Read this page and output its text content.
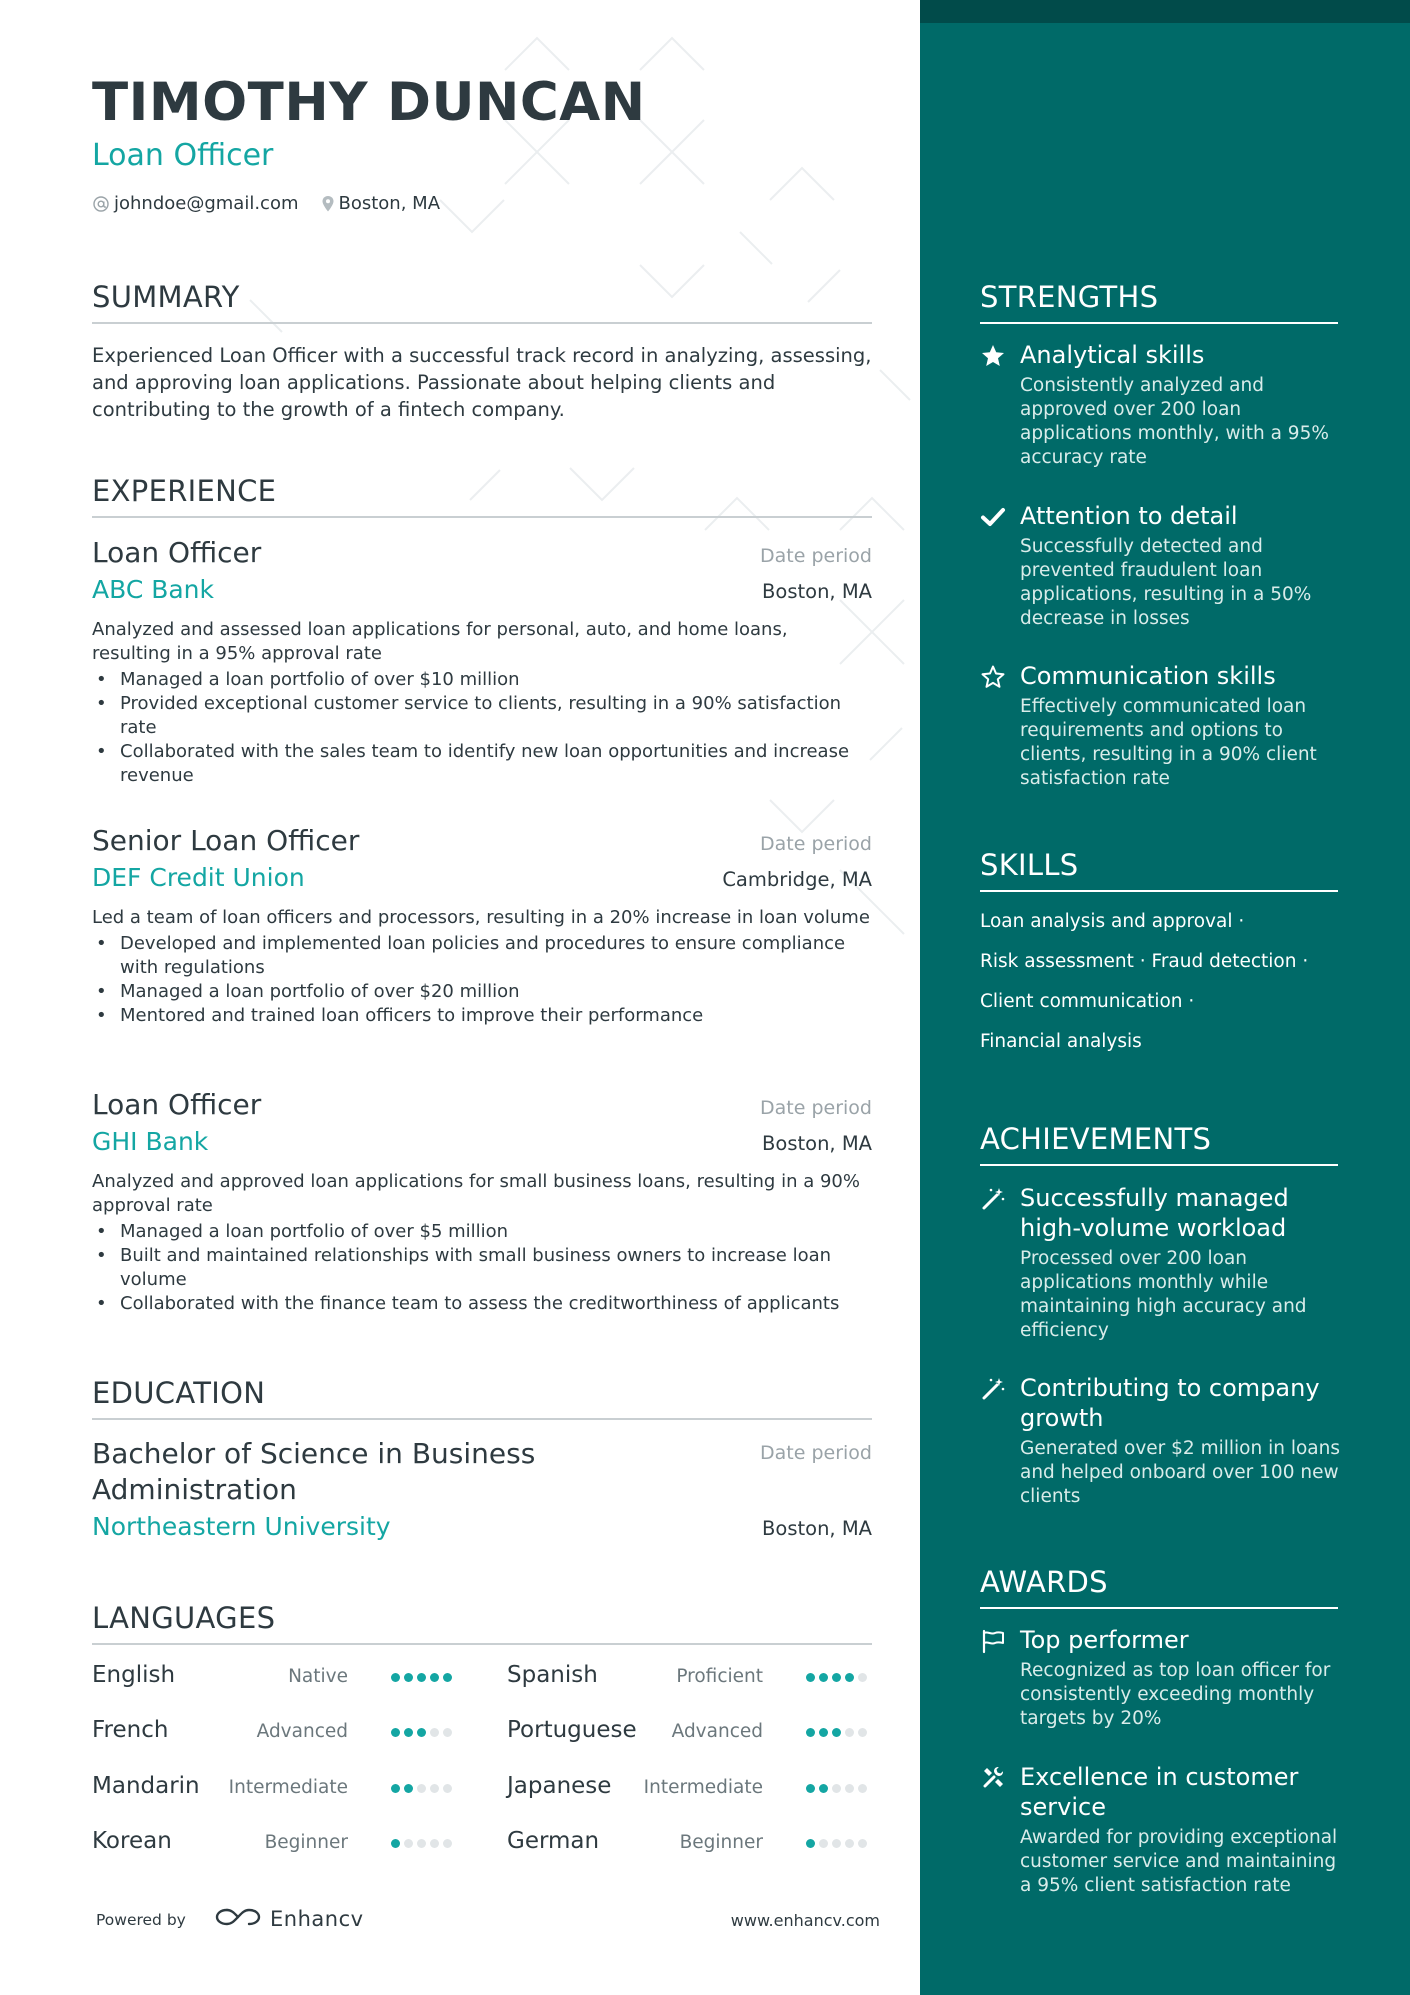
TIMOTHY DUNCAN
Loan Officer
johndoe@gmail.com Boston, MA
SUMMARY
Experienced Loan Officer with a successful track record in analyzing, assessing, and approving loan applications. Passionate about helping clients and contributing to the growth of a fintech company.
EXPERIENCE
Loan Officer	Date period
ABC Bank	Boston, MA
Analyzed and assessed loan applications for personal, auto, and home loans, resulting in a 95% approval rate
• Managed a loan portfolio of over $10 million
• Provided exceptional customer service to clients, resulting in a 90% satisfaction rate
• Collaborated with the sales team to identify new loan opportunities and increase revenue
Senior Loan Officer	Date period
DEF Credit Union	Cambridge, MA
Led a team of loan officers and processors, resulting in a 20% increase in loan volume
• Developed and implemented loan policies and procedures to ensure compliance with regulations
• Managed a loan portfolio of over $20 million
• Mentored and trained loan officers to improve their performance
Loan Officer	Date period
GHI Bank	Boston, MA
Analyzed and approved loan applications for small business loans, resulting in a 90% approval rate
• Managed a loan portfolio of over $5 million
• Built and maintained relationships with small business owners to increase loan volume
• Collaborated with the finance team to assess the creditworthiness of applicants
EDUCATION
Bachelor of Science in Business Administration
Date period
Northeastern University	Boston, MA
LANGUAGES
English	Native	Spanish	Proficient
French	Advanced	Portuguese Advanced
Mandarin Intermediate	Japanese Intermediate
Korean	Beginner	German	Beginner
Powered by	Enhancv	www.enhancv.com
STRENGTHS
Analytical skills
Consistently analyzed and approved over 200 loan applications monthly, with a 95% accuracy rate
Attention to detail
Successfully detected and prevented fraudulent loan applications, resulting in a 50% decrease in losses
Communication skills
Effectively communicated loan requirements and options to clients, resulting in a 90% client satisfaction rate
SKILLS
Loan analysis and approval ·
Risk assessment · Fraud detection ·
Client communication ·
Financial analysis
ACHIEVEMENTS
Successfully managed high-volume workload
Processed over 200 loan applications monthly while maintaining high accuracy and efficiency
Contributing to company growth
Generated over $2 million in loans and helped onboard over 100 new clients
AWARDS
Top performer
Recognized as top loan officer for consistently exceeding monthly targets by 20%
Excellence in customer service
Awarded for providing exceptional customer service and maintaining a 95% client satisfaction rate
